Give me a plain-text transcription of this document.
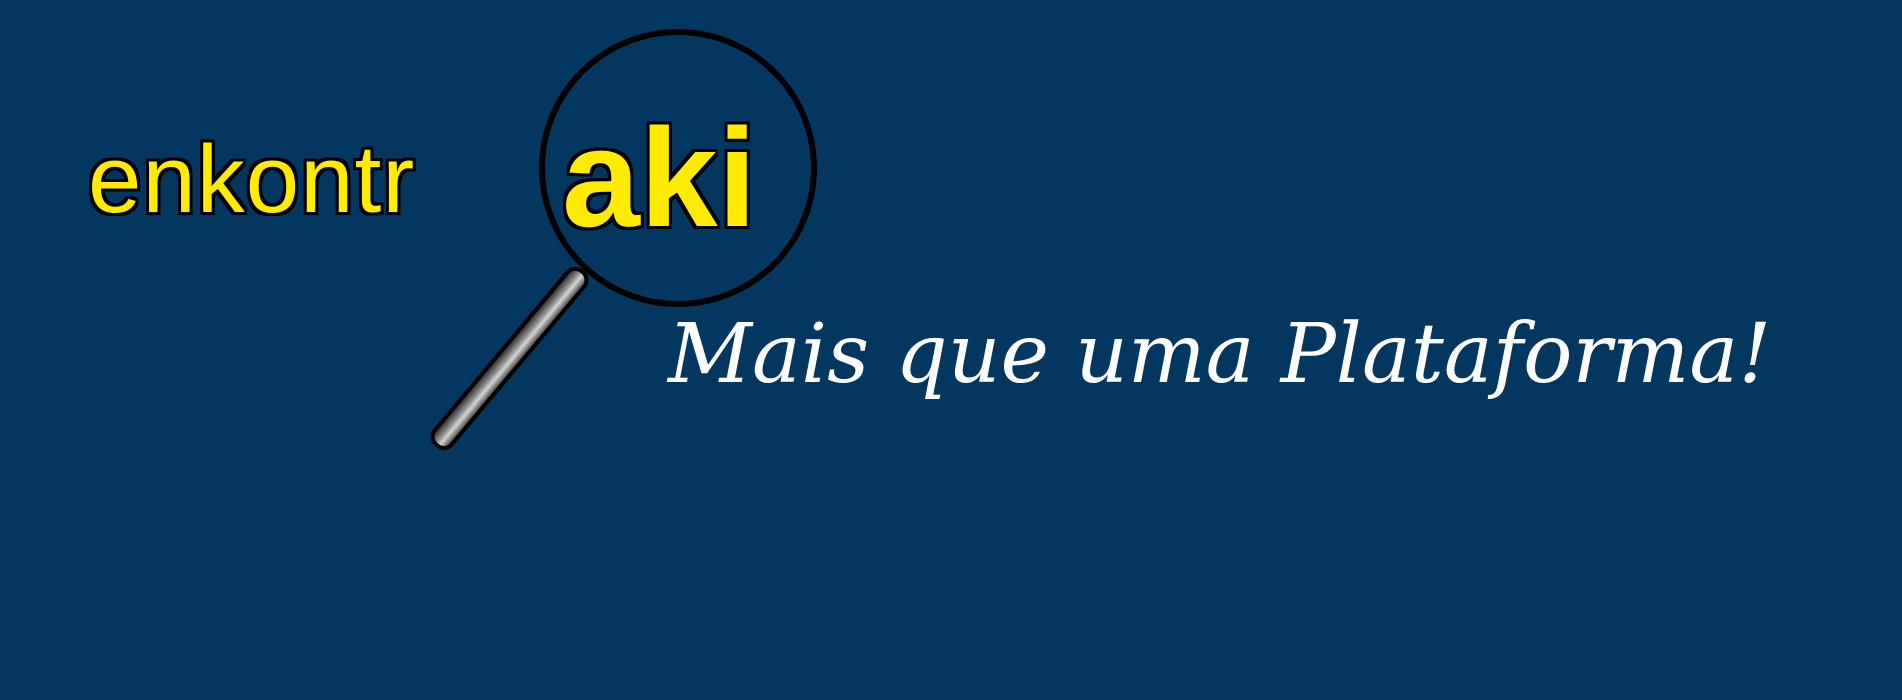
enkontr aki
Mais que uma Plataforma!
